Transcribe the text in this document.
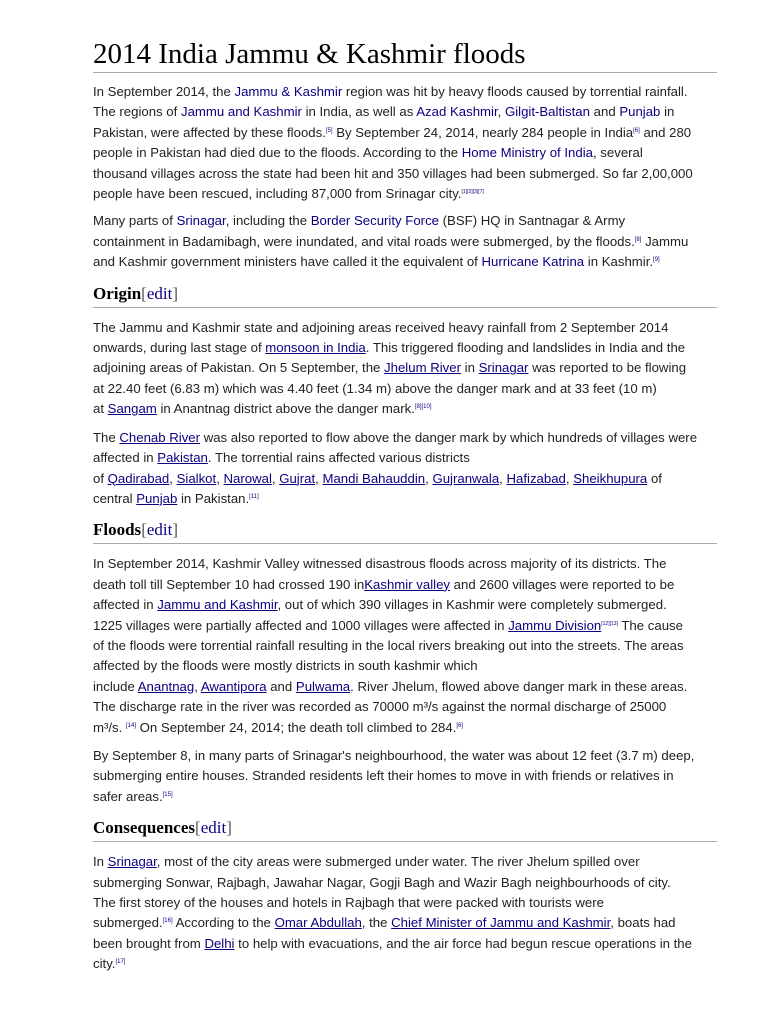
2014 India Jammu & Kashmir floods
In September 2014, the Jammu & Kashmir region was hit by heavy floods caused by torrential rainfall.
The regions of Jammu and Kashmir in India, as well as Azad Kashmir, Gilgit-Baltistan and Punjab in
Pakistan, were affected by these floods.[5] By September 24, 2014, nearly 284 people in India[6] and 280
people in Pakistan had died due to the floods. According to the Home Ministry of India, several
thousand villages across the state had been hit and 350 villages had been submerged. So far 2,00,000
people have been rescued, including 87,000 from Srinagar city.[1][2][3][7]
Many parts of Srinagar, including the Border Security Force (BSF) HQ in Santnagar & Army
containment in Badamibagh, were inundated, and vital roads were submerged, by the floods.[8] Jammu
and Kashmir government ministers have called it the equivalent of Hurricane Katrina in Kashmir.[9]
Origin[edit]
The Jammu and Kashmir state and adjoining areas received heavy rainfall from 2 September 2014
onwards, during last stage of monsoon in India. This triggered flooding and landslides in India and the
adjoining areas of Pakistan. On 5 September, the Jhelum River in Srinagar was reported to be flowing
at 22.40 feet (6.83 m) which was 4.40 feet (1.34 m) above the danger mark and at 33 feet (10 m)
at Sangam in Anantnag district above the danger mark.[8][10]
The Chenab River was also reported to flow above the danger mark by which hundreds of villages were
affected in Pakistan. The torrential rains affected various districts
of Qadirabad, Sialkot, Narowal, Gujrat, Mandi Bahauddin, Gujranwala, Hafizabad, Sheikhupura of
central Punjab in Pakistan.[11]
Floods[edit]
In September 2014, Kashmir Valley witnessed disastrous floods across majority of its districts. The
death toll till September 10 had crossed 190 inKashmir valley and 2600 villages were reported to be
affected in Jammu and Kashmir, out of which 390 villages in Kashmir were completely submerged.
1225 villages were partially affected and 1000 villages were affected in Jammu Division[12][13] The cause
of the floods were torrential rainfall resulting in the local rivers breaking out into the streets. The areas
affected by the floods were mostly districts in south kashmir which
include Anantnag, Awantipora and Pulwama. River Jhelum, flowed above danger mark in these areas.
The discharge rate in the river was recorded as 70000 m³/s against the normal discharge of 25000
m³/s. [14] On September 24, 2014; the death toll climbed to 284.[6]
By September 8, in many parts of Srinagar's neighbourhood, the water was about 12 feet (3.7 m) deep,
submerging entire houses. Stranded residents left their homes to move in with friends or relatives in
safer areas.[15]
Consequences[edit]
In Srinagar, most of the city areas were submerged under water. The river Jhelum spilled over
submerging Sonwar, Rajbagh, Jawahar Nagar, Gogji Bagh and Wazir Bagh neighbourhoods of city.
The first storey of the houses and hotels in Rajbagh that were packed with tourists were
submerged.[16] According to the Omar Abdullah, the Chief Minister of Jammu and Kashmir, boats had
been brought from Delhi to help with evacuations, and the air force had begun rescue operations in the
city.[17]
